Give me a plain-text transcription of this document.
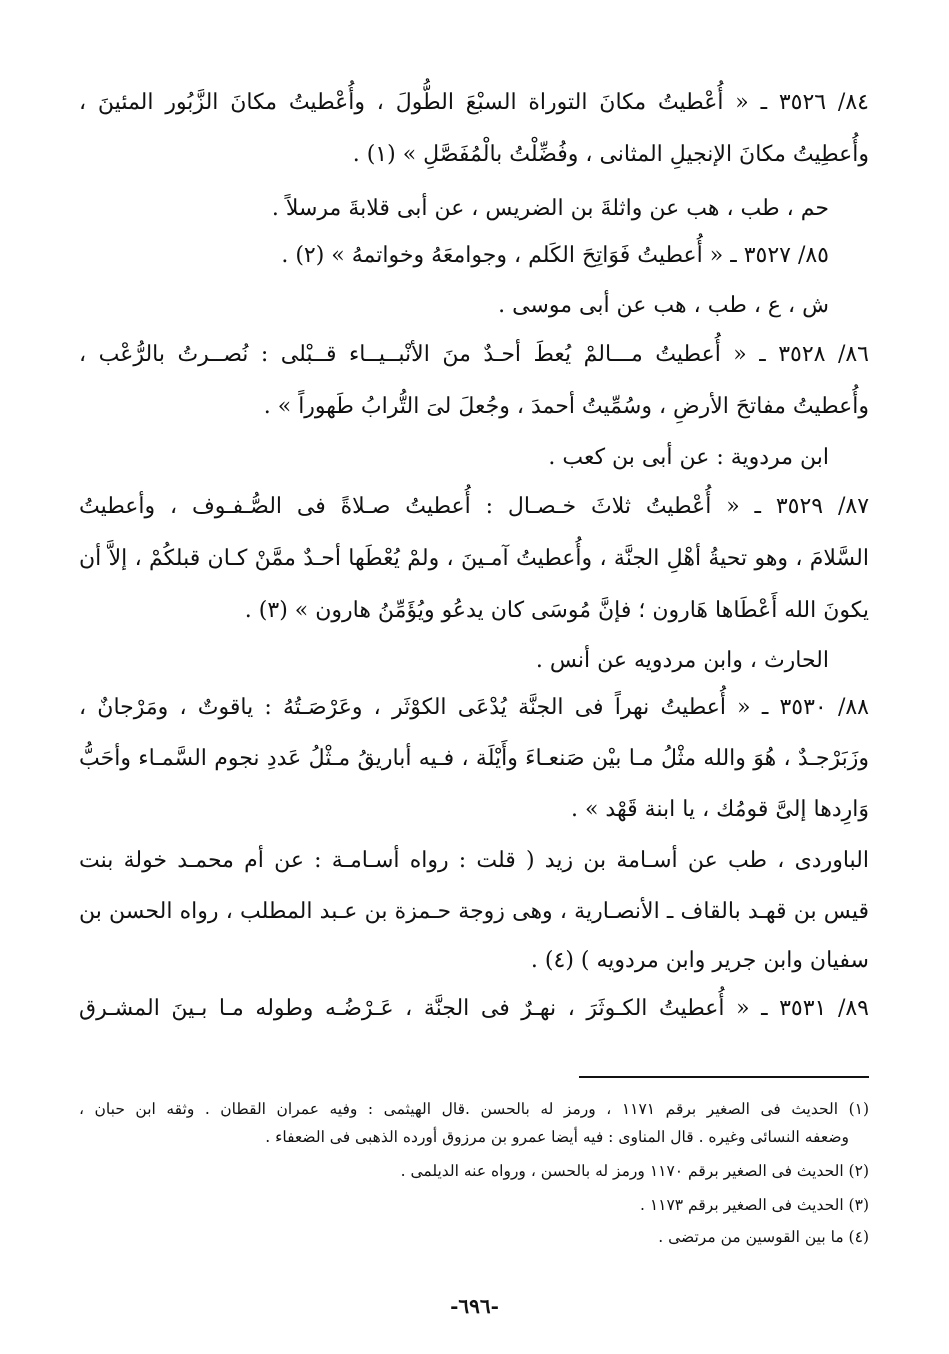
٨٤/ ٣٥٢٦ ـ « أُعْطيتُ مكانَ التوراة السبْعَ الطُّولَ ، وأُعْطيتُ مكانَ الزَّبُور المئينَ ،
وأُعطِيتُ مكانَ الإنجيلِ المثانى ، وفُضِّلْتُ بالْمُفَصَّلِ » (١) .
حم ، طب ، هب عن واثلةَ بن الضريس ، عن أبى قلابةَ مرسلاً .
٨٥/ ٣٥٢٧ ـ « أُعطيتُ فَوَاتِحَ الكَلم ، وجوامعَهُ وخواتمهُ » (٢) .
ش ، ع ، طب ، هب عن أبى موسى .
٨٦/ ٣٥٢٨ ـ « أُعطيتُ مـــالمْ يُعطَ أحـدٌ منَ الأنْبــيــاء قــبْلى : نُصــرتُ بالرُّعْب ،
وأُعطيتُ مفاتحَ الأرضِ ، وسُمِّيتُ أحمدَ ، وجُعلَ لىَ التُّرابُ طَهوراً » .
ابن مردوية : عن أبى بن كعب .
٨٧/ ٣٥٢٩ ـ « أُعْطيتُ ثلاثَ خـصـال : أُعطيتُ صـلاةً فى الصُّـفـوف ، وأعطيتُ
السَّلامَ ، وهو تحيةُ أهْلِ الجنَّة ، وأُعطيتُ آمـينَ ، ولمْ يُعْطَها أحـدٌ ممَّنْ كـان قبلكُمْ ، إلاَّ أن
يكونَ الله أَعْطَاها هَارون ؛ فإنَّ مُوسَى كان يدعُو ويُؤَمِّنُ هارون » (٣) .
الحارث ، وابن مردويه عن أنس .
٨٨/ ٣٥٣٠ ـ « أُعطيتُ نهراً فى الجنَّة يُدْعَى الكوْثَر ، وعَرْصَـتُهُ : ياقوتٌ ، ومَرْجانٌ ،
وزَبَرْجـدٌ ، هُوَ والله مثْلُ مـا بيْن صَنعـاءَ وأَيْلَة ، فـيه أباريقُ مـثْلُ عَددِ نجوم السَّمـاء وأحَبُّ
وَارِدها إلىَّ قومُك ، يا ابنة قَهْد » .
الباوردى ، طب عن أسـامة بن زيد ( قلت : رواه أسـامـة : عن أم محمـد خولة بنت
قيس بن قهـد بالقاف ـ الأنصـارية ، وهى زوجة حـمزة بن عـبد المطلب ، رواه الحسن بن
سفيان وابن جرير وابن مردويه ) (٤) .
٨٩/ ٣٥٣١ ـ « أُعطيتُ الكـوثَرَ ، نهـرٌ فى الجنَّة ، عَـرْضُـه وطوله مـا بـينَ المشـرق
(١) الحديث فى الصغير برقم ١١٧١ ، ورمز له بالحسن .قال الهيثمى : وفيه عمران القطان . وثقه ابن حبان ،
وضعفه النسائى وغيره . قال المناوى : فيه أيضا عمرو بن مرزوق أورده الذهبى فى الضعفاء .
(٢) الحديث فى الصغير برقم ١١٧٠ ورمز له بالحسن ، ورواه عنه الديلمى .
(٣) الحديث فى الصغير برقم ١١٧٣ .
(٤) ما بين القوسين من مرتضى .
-٦٩٦-
